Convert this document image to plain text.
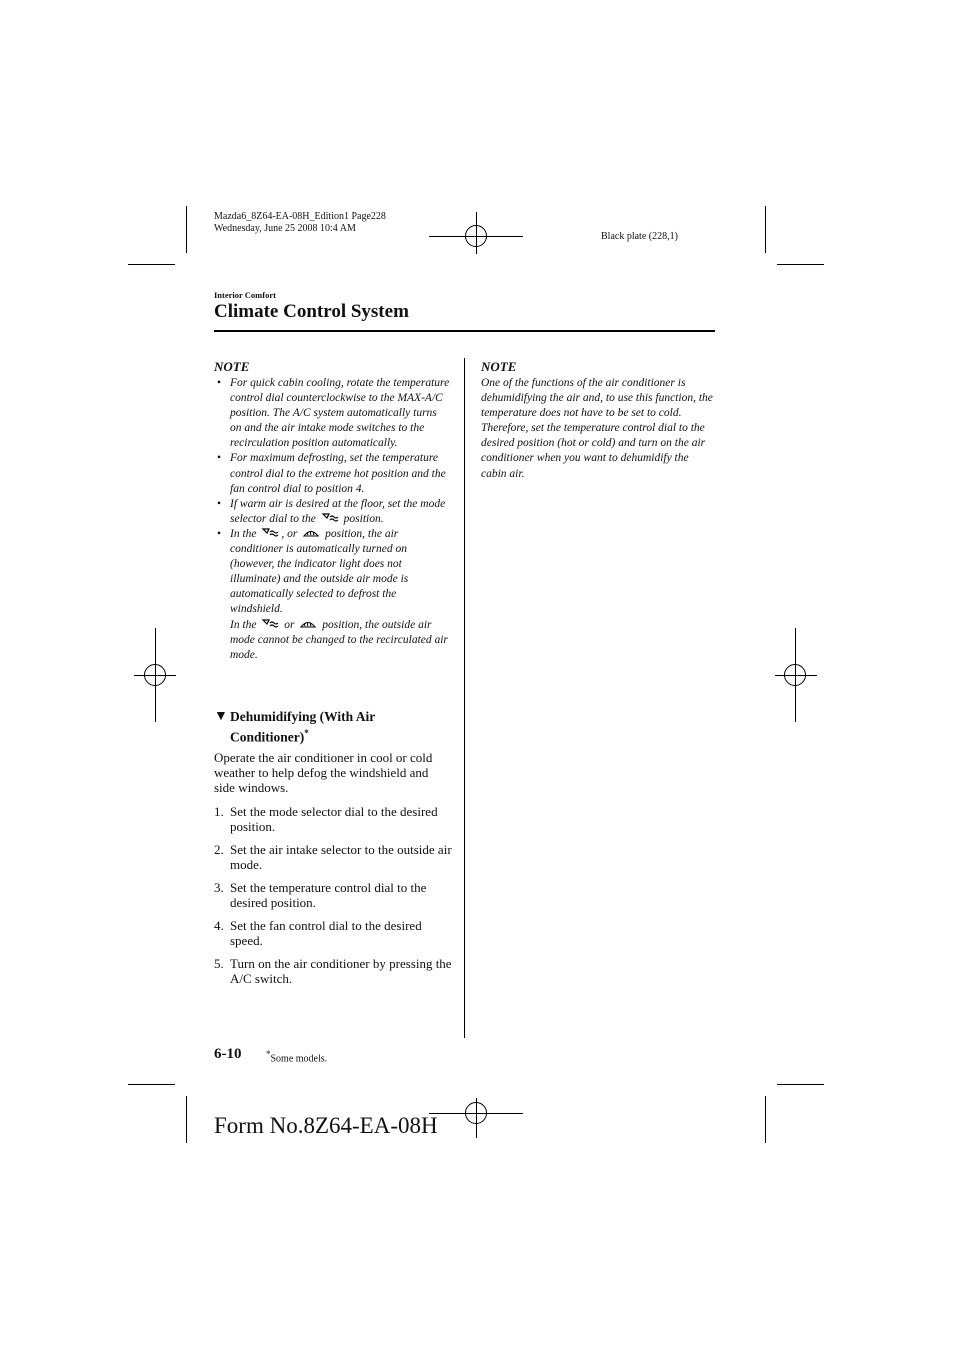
Mazda6_8Z64-EA-08H_Edition1 Page228
Wednesday, June 25 2008 10:4 AM
Black plate (228,1)
Interior Comfort
Climate Control System
NOTE
• For quick cabin cooling, rotate the temperature control dial counterclockwise to the MAX-A/C position. The A/C system automatically turns on and the air intake mode switches to the recirculation position automatically.
• For maximum defrosting, set the temperature control dial to the extreme hot position and the fan control dial to position 4.
• If warm air is desired at the floor, set the mode selector dial to the position.
• In the , or position, the air conditioner is automatically turned on (however, the indicator light does not illuminate) and the outside air mode is automatically selected to defrost the windshield.
In the or position, the outside air mode cannot be changed to the recirculated air mode.
▼ Dehumidifying (With Air
Conditioner)*
Operate the air conditioner in cool or cold weather to help defog the windshield and side windows.
1. Set the mode selector dial to the desired position.
2. Set the air intake selector to the outside air mode.
3. Set the temperature control dial to the desired position.
4. Set the fan control dial to the desired speed.
5. Turn on the air conditioner by pressing the A/C switch.
NOTE
One of the functions of the air conditioner is dehumidifying the air and, to use this function, the temperature does not have to be set to cold. Therefore, set the temperature control dial to the desired position (hot or cold) and turn on the air conditioner when you want to dehumidify the cabin air.
6-10	*Some models.
Form No.8Z64-EA-08H
